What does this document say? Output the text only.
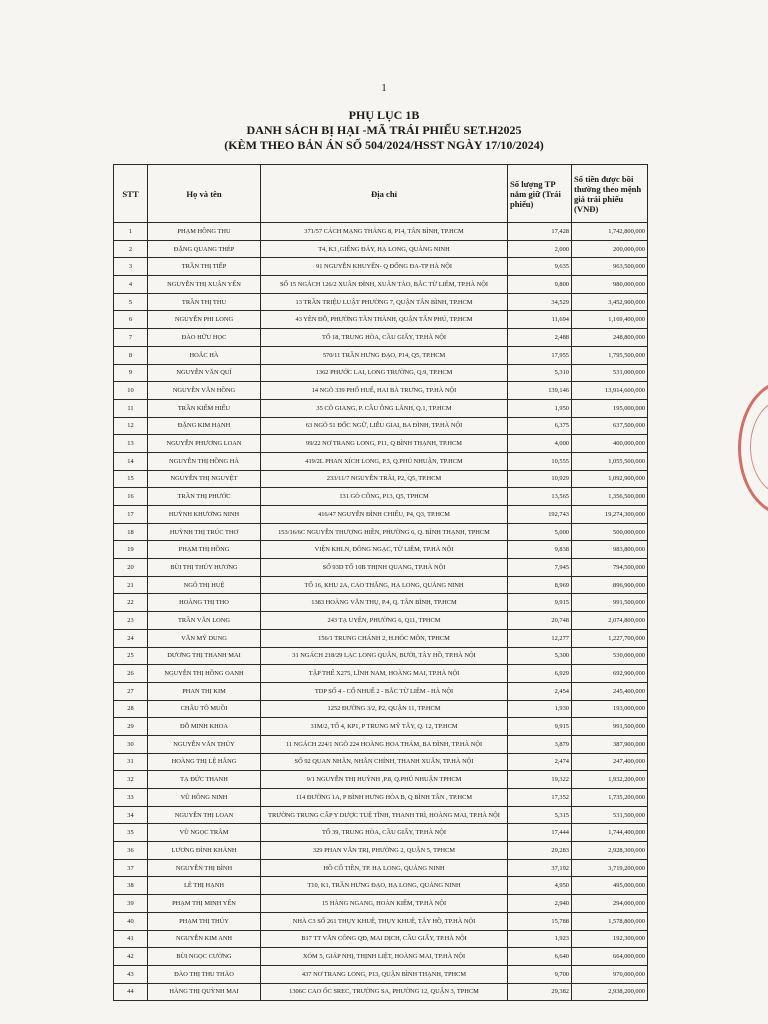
1
PHỤ LỤC 1B
DANH SÁCH BỊ HẠI -MÃ TRÁI PHIẾU SET.H2025
(KÈM THEO BẢN ÁN SỐ 504/2024/HSST NGÀY 17/10/2024)
STT	Họ và tên	Địa chỉ	Số lượng TP nắm giữ (Trái phiếu)	Số tiền được bồi thường theo mệnh giá trái phiếu (VNĐ)
1	PHẠM HỒNG THU	371/57 CÁCH MẠNG THÁNG 8, P14, TÂN BÌNH, TP.HCM	17,428	1,742,800,000
2	ĐẶNG QUANG THÉP	T4, K3 ,GIẾNG ĐÁY, HẠ LONG, QUẢNG NINH	2,000	200,000,000
3	TRẦN THỊ TIẾP	91 NGUYỄN KHUYẾN- Q ĐỐNG ĐA-TP HÀ NỘI	9,635	963,500,000
4	NGUYỄN THỊ XUÂN YẾN	SỐ 15 NGÁCH 126/2 XUÂN ĐỈNH, XUÂN TẢO, BẮC TỪ LIÊM, TP.HÀ NỘI	9,800	980,000,000
5	TRẦN THỊ THU	13 TRẦN TRIỆU LUẬT PHƯỜNG 7, QUẬN TÂN BÌNH, TP.HCM	34,529	3,452,900,000
6	NGUYỄN PHI LONG	43 YÊN ĐỖ, PHƯỜNG TÂN THÀNH, QUẬN TÂN PHÚ, TP.HCM	11,694	1,169,400,000
7	ĐÀO HỮU HỌC	TỔ 18, TRUNG HÒA, CẦU GIẤY, TP.HÀ NỘI	2,488	248,800,000
8	HOẮC HÀ	570/11 TRẦN HƯNG ĐẠO, P14, Q5, TP.HCM	17,955	1,795,500,000
9	NGUYỄN VĂN QUÍ	1362 PHƯỚC LAI, LONG TRƯỜNG, Q.9, TP.HCM	5,310	531,000,000
10	NGUYỄN VĂN HỒNG	14 NGÕ 339 PHỐ HUẾ, HAI BÀ TRƯNG, TP.HÀ NỘI	139,146	13,914,600,000
11	TRẦN KIẾM HIẾU	35 CÔ GIANG, P. CẦU ÔNG LÃNH, Q.1, TP.HCM	1,950	195,000,000
12	ĐẶNG KIM HẠNH	63 NGÕ 51 ĐỐC NGỮ, LIỄU GIAI, BA ĐÌNH, TP.HÀ NỘI	6,375	637,500,000
13	NGUYỄN PHƯƠNG LOAN	99/22 NƠ TRANG LONG, P11, Q BÌNH THẠNH, TP.HCM	4,000	400,000,000
14	NGUYỄN THỊ HỒNG HÀ	419/2L PHAN XÍCH LONG, P.3, Q.PHÚ NHUẬN, TP.HCM	10,555	1,055,500,000
15	NGUYỄN THỊ NGUYỆT	233/11/7 NGUYỄN TRÃI, P2, Q5, TP.HCM	10,929	1,092,900,000
16	TRẦN THỊ PHƯỚC	131 GÒ CÔNG, P13, Q5, TPHCM	13,565	1,356,500,000
17	HUỲNH KHƯƠNG NINH	416/47 NGUYỄN ĐÌNH CHIỂU, P4, Q3, TP.HCM	192,743	19,274,300,000
18	HUỲNH THỊ TRÚC THƠ	153/16/6C NGUYỄN THƯỢNG HIỀN, PHƯỜNG 6, Q. BÌNH THẠNH, TPHCM	5,000	500,000,000
19	PHẠM THỊ HỒNG	VIỆN KHLN, ĐÔNG NGẠC, TỪ LIÊM, TP.HÀ NỘI	9,838	983,800,000
20	BÙI THỊ THÚY HƯƠNG	SỐ 93D TỔ 10B THỊNH QUANG, TP.HÀ NỘI	7,945	794,500,000
21	NGÔ THỊ HUỆ	TỔ 16, KHU 2A, CAO THẮNG, HẠ LONG, QUẢNG NINH	8,969	896,900,000
22	HOÀNG THỊ THO	1383 HOÀNG VĂN THỤ, P.4, Q. TÂN BÌNH, TP.HCM	9,915	991,500,000
23	TRẦN VĂN LONG	243 TẠ UYÊN, PHƯỜNG 6, Q11, TPHCM	20,748	2,074,800,000
24	VĂN MỸ DUNG	156/1 TRUNG CHÁNH 2, H.HÓC MÔN, TPHCM	12,277	1,227,700,000
25	DƯƠNG THỊ THANH MAI	31 NGÁCH 218/29 LẠC LONG QUÂN, BƯỞI, TÂY HỒ, TP.HÀ NỘI	5,300	530,000,000
26	NGUYỄN THỊ HỒNG OANH	TẬP THỂ X275, LĨNH NAM, HOÀNG MAI, TP.HÀ NỘI	6,929	692,900,000
27	PHAN THỊ KIM	TDP SỐ 4 - CỔ NHUẾ 2 - BẮC TỪ LIÊM - HÀ NỘI	2,454	245,400,000
28	CHÂU TÔ MUỒI	1252 ĐƯỜNG 3/2, P2, QUẬN 11, TP.HCM	1,930	193,000,000
29	ĐỖ MINH KHOA	31M/2, TỔ 4, KP1, P TRUNG MỸ TÂY, Q. 12, TP.HCM	9,915	991,500,000
30	NGUYỄN VĂN THỦY	11 NGÁCH 224/1 NGÕ 224 HOÀNG HOA THÁM, BA ĐÌNH, TP.HÀ NỘI	3,879	387,900,000
31	HOÀNG THỊ LỆ HẰNG	SỐ 92 QUAN NHÂN, NHÂN CHÍNH, THANH XUÂN, TP.HÀ NỘI	2,474	247,400,000
32	TẠ ĐỨC THANH	9/1 NGUYỄN THỊ HUỲNH ,P.8, Q.PHÚ NHUẬN TPHCM	19,322	1,932,200,000
33	VŨ HỒNG NINH	114 ĐƯỜNG 1A, P BÌNH HƯNG HÒA B, Q BÌNH TÂN , TP.HCM	17,352	1,735,200,000
34	NGUYỄN THỊ LOAN	TRƯỜNG TRUNG CẤP Y DƯỢC TUỆ TĨNH, THANH TRÌ, HOÀNG MAI, TP.HÀ NỘI	5,315	531,500,000
35	VŨ NGỌC TRÂM	TỔ 39, TRUNG HÒA, CẦU GIẤY, TP.HÀ NỘI	17,444	1,744,400,000
36	LƯƠNG ĐÌNH KHÁNH	329 PHAN VĂN TRỊ, PHƯỜNG 2, QUẬN 5, TPHCM	29,283	2,928,300,000
37	NGUYỄN THỊ BÌNH	HỒ CỔ TIỀN, TP. HẠ LONG, QUẢNG NINH	37,192	3,719,200,000
38	LÊ THỊ HẠNH	T10, K1, TRẦN HƯNG ĐẠO, HẠ LONG, QUẢNG NINH	4,950	495,000,000
39	PHẠM THỊ MINH YẾN	15 HÀNG NGANG, HOÀN KIẾM, TP.HÀ NỘI	2,940	294,000,000
40	PHẠM THỊ THÚY	NHÀ C3 SỐ 261 THỤY KHUÊ, THỤY KHUÊ, TÂY HỒ, TP.HÀ NỘI	15,788	1,578,800,000
41	NGUYỄN KIM ANH	B17 TT VĂN CÔNG QĐ, MAI DỊCH, CẦU GIẤY, TP.HÀ NỘI	1,923	192,300,000
42	BÙI NGỌC CƯỜNG	XÓM 5, GIÁP NHỊ, THỊNH LIỆT, HOÀNG MAI, TP.HÀ NỘI	6,640	664,000,000
43	ĐÀO THỊ THU THẢO	437 NƠ TRANG LONG, P13, QUẬN BÌNH THẠNH, TPHCM	9,700	970,000,000
44	HÀNG THỊ QUỲNH MAI	1306C CAO ỐC SREC, TRƯỜNG SA, PHƯỜNG 12, QUẬN 3, TPHCM	29,382	2,938,200,000
